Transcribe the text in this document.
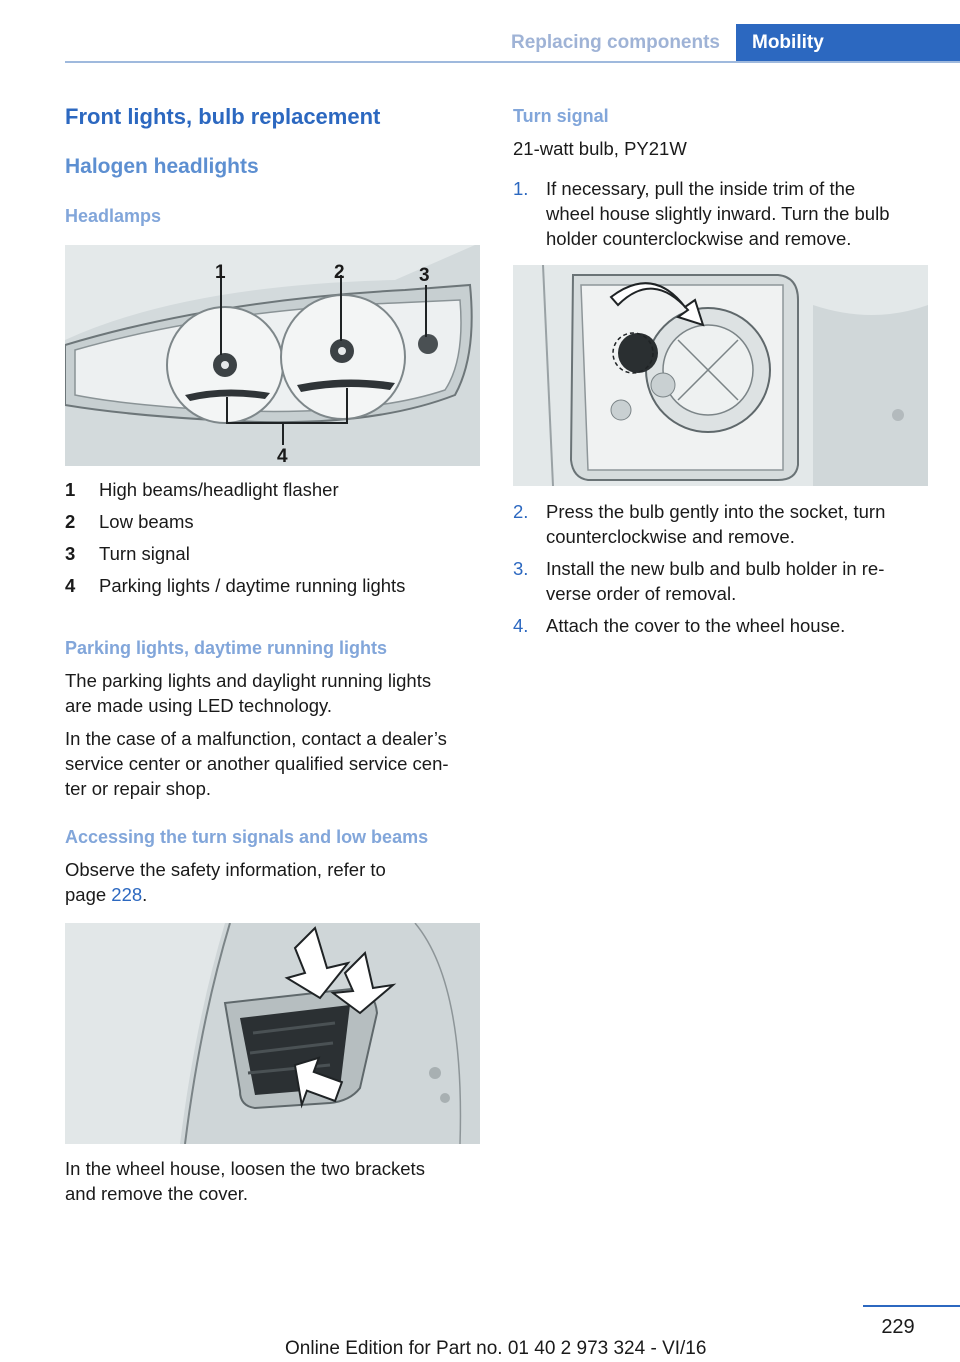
Replacing components	Mobility
Front lights, bulb replacement
Halogen headlights
Headlamps
1	2	3
4
1 High beams/headlight flasher
2 Low beams
3 Turn signal
4 Parking lights / daytime running lights
Parking lights, daytime running lights
The parking lights and daylight running lights
are made using LED technology.
In the case of a malfunction, contact a dealer’s
service center or another qualified service cen‐
ter or repair shop.
Accessing the turn signals and low beams
Observe the safety information, refer to
page 228.
In the wheel house, loosen the two brackets
and remove the cover.
Turn signal
21-watt bulb, PY21W
1. If necessary, pull the inside trim of the
wheel house slightly inward. Turn the bulb
holder counterclockwise and remove.
2. Press the bulb gently into the socket, turn
counterclockwise and remove.
3. Install the new bulb and bulb holder in re‐
verse order of removal.
4. Attach the cover to the wheel house.
229
Online Edition for Part no. 01 40 2 973 324 - VI/16
